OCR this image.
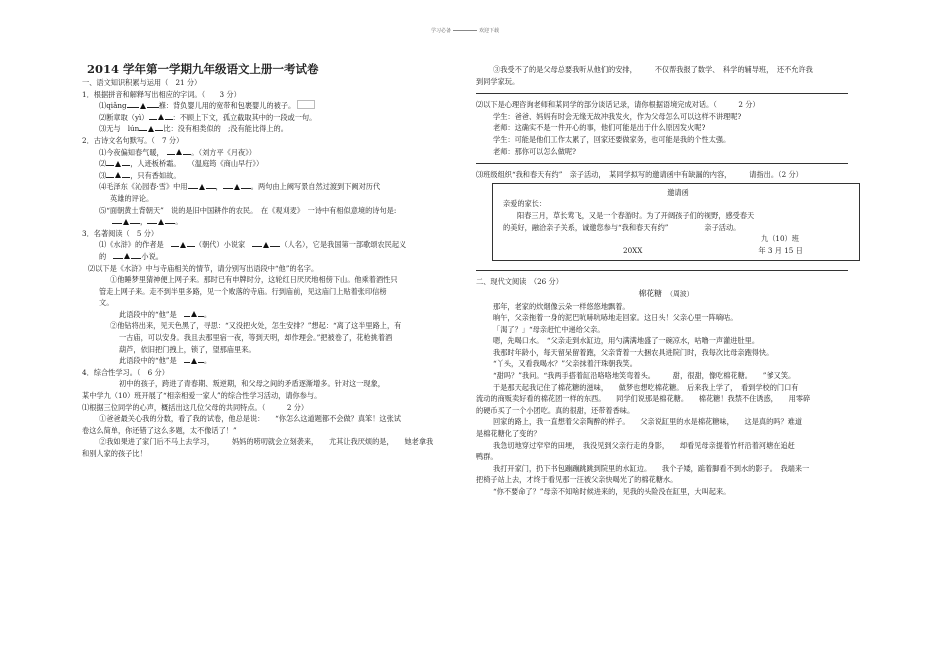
学习必备	欢迎下载
2014 学年第一学期九年级语文上册一考试卷
一、语文知识积累与运用（　21 分）
1．根据拼音和解释写出相应的字词。（　　3 分）
⑴qiǎng	褓：背负婴儿用的宽带和包裹婴儿的被子。
⑵断章取（yì）	：不顾上下文，孤立截取其中的一段或一句。
⑶无与　lún	比：没有相类似的　;没有能比得上的。
2．古诗文名句默写。（　7 分）
⑴今夜偏知春气暖，　	。（刘方平《月夜》）
⑵	，人迹板桥霜。　　（温庭筠《商山早行》）
⑶	，只有香如故。
⑷毛泽东《沁园春·雪》中用	，	。两句由上阙写景自然过渡到下阙对历代
英雄的评论。
⑸“面朝黄土背朝天”　说的是旧中国耕作的农民。　在《观刈麦》　一诗中有相似意境的诗句是:
，	。
3．名著阅读（　5 分）
⑴《水浒》的作者是　	（朝代）小说家　	（人名），它是我国第一部歌颂农民起义
的　	小说。
⑵以下是《水浒》中与寺庙相关的情节，请分别写出语段中“他”的名字。
①他睡梦里猜神便上网子来。那时已有申牌时分，这轮红日厌厌地相傍下山。他乘着酒性只
管走上网子来。走不到半里多路，见一个败落的寺庙。行到庙前，见这庙门上贴着张印信榜
文。
此语段中的“他”是　	。
②他钻将出来，见天色黑了，寻思：“又没把火处，怎生安排？”想起：“离了这半里路上，有
一古庙，可以安身。我且去那里宿一夜，等到天明，却作理会。”把被卷了，花枪挑着酒
葫芦，依旧把门拽上，锁了，望那庙里来。
此语段中的“他”是　	。
4．综合性学习。（　6 分）
初中的孩子，跨进了青春期、叛逆期，和父母之间的矛盾逐渐增多。针对这一现象，
某中学九（10）班开展了“相亲相爱一家人”的综合性学习活动，请你参与。
⑴根据三位同学的心声，概括出这几位父母的共同特点。（　　　2 分）
①爸爸最关心我的分数，看了我的试卷，他总是说：　　“你怎么这道题都不会做？真笨！这张试
卷这么简单，你还错了这么多题，太不像话了！”
②我如果进了家门后不马上去学习，　　　妈妈的唠叨就会立刻袭来，　　尤其让我厌烦的是，　　她老拿我
和别人家的孩子比！
③我受不了的是父母总要我听从他们的安排，　　　不仅帮我报了数学、　科学的辅导班，　还不允许我
到同学家玩。
⑵以下是心理咨询老师和某同学的部分谈话记录，请你根据语境完成对话。（　　　2 分）
学生：爸爸、妈妈有时会无缘无故冲我发火，作为父母怎么可以这样不讲理呢?
老师：这确实不是一件开心的事，他们可能是出于什么原因发火呢?
学生：可能是他们工作太累了，回家还要做家务，也可能是我的个性太强。
老师：那你可以怎么做呢?
⑶班级组织“我和春天有约”　亲子活动，　某同学拟写的邀请函中有缺漏的内容，　　　请指出。（2 分）
邀请函
亲爱的家长：
阳春三月，草长莺飞，又是一个春游时。为了开阔孩子们的视野，感受春天
的美好，融洽亲子关系，诚邀您参与“我和春天有约”　　　　　亲子活动。
九（10）班
20XX	年 3 月 15 日
二、现代文阅读　（26 分）
棉花糖　 （周波）
那年，老家的炊烟像云朵一样悠悠地飘着。
晌午，父亲拖着一身的泥巴吭哧吭哧地走回家。这日头！父亲心里一阵嘀咕。
「渴了？」“母亲赶忙中递给父亲。
嗯，先喝口水。　“父亲走到水缸边，用勺满满地盛了一碗凉水，咕噜一声灌进肚里。
我那时年龄小，每天留呆留着跑，父亲背着一大捆农具进院门时，我每次比母亲跑得快。
“丫头，又看我喝水？”父亲抹着汗珠朝我笑。
“甜吗？”我问。“我两手搭着缸沿咯咯地笑弯着头。　　　甜，很甜，像吃棉花糖。　　”爹又笑。
于是那天起我记住了棉花糖的滋味，　　做梦也想吃棉花糖。　后来我上学了，　看到学校的门口有
流动的商贩卖好看的棉花团一样的东西。　　同学们说那是棉花糖。　　棉花糖！我禁不住诱惑，　　用零碎
的硬币买了一个小团吃。真的很甜，还带着香味。
回家的路上，我一直想着父亲陶醉的样子。　　父亲说缸里的水是棉花糖味，　　这是真的吗？难道
是棉花糖化了变的？
我急切地穿过窄窄的田埂，　我没见到父亲行走的身影，　　却看见母亲提着竹杆沿着河塘在追赶
鸭群。
我打开家门，扔下书包蹦蹦跳跳到院里的水缸边。　　我个子矮，踮着脚看不到水的影子。　我端来一
把椅子站上去，才终于看见那一汪被父亲快喝光了的棉花糖水。
“你不要命了？”母亲不知啥时候进来的，见我的头险没在缸里，大叫起来。
